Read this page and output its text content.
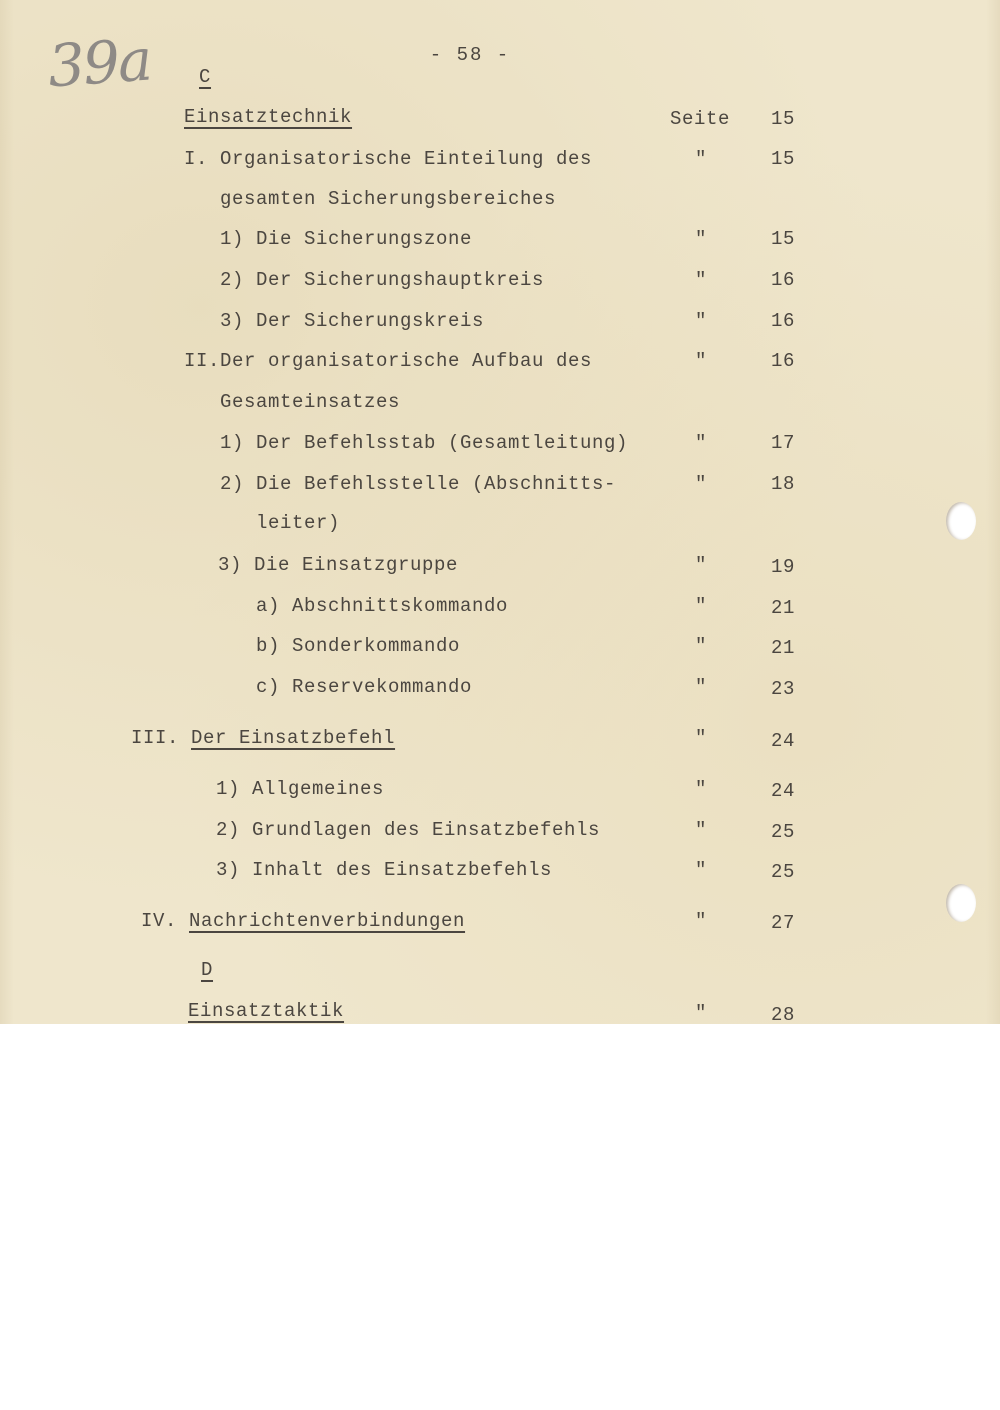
39a	- 58 -
C
Einsatztechnik	Seite	15
I. Organisatorische Einteilung des	"	15
gesamten Sicherungsbereiches
1) Die Sicherungszone	"	15
2) Der Sicherungshauptkreis	"	16
3) Der Sicherungskreis	"	16
II.Der organisatorische Aufbau des	"	16
Gesamteinsatzes
1) Der Befehlsstab (Gesamtleitung)	"	17
2) Die Befehlsstelle (Abschnitts-	"	18
leiter)
3) Die Einsatzgruppe	"	19
a) Abschnittskommando	"	21
b) Sonderkommando	"	21
c) Reservekommando	"	23
III. Der Einsatzbefehl	"	24
1) Allgemeines	"	24
2) Grundlagen des Einsatzbefehls	"	25
3) Inhalt des Einsatzbefehls	"	25
IV. Nachrichtenverbindungen	"	27
D
Einsatztaktik	"	28
